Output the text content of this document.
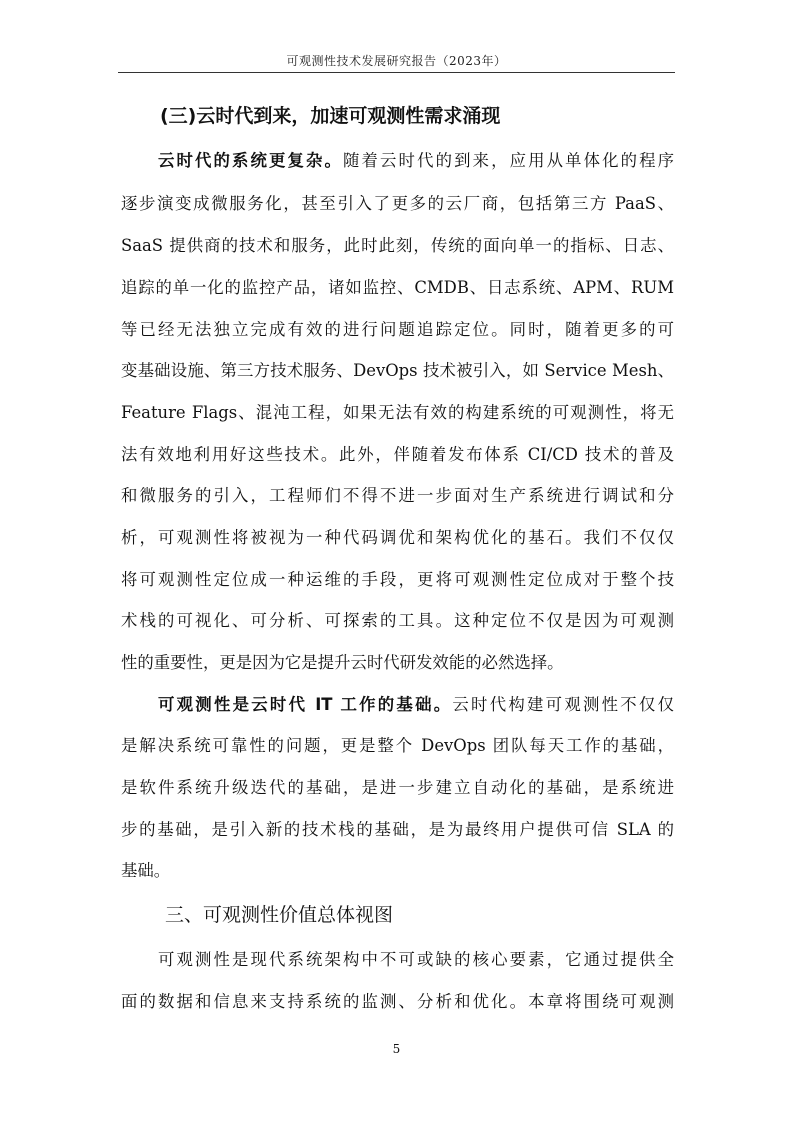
可观测性技术发展研究报告（2023年）
(三)云时代到来，加速可观测性需求涌现
云时代的系统更复杂。随着云时代的到来，应用从单体化的程序
逐步演变成微服务化，甚至引入了更多的云厂商，包括第三方 PaaS、
SaaS 提供商的技术和服务，此时此刻，传统的面向单一的指标、日志、
追踪的单一化的监控产品，诸如监控、CMDB、日志系统、APM、RUM
等已经无法独立完成有效的进行问题追踪定位。同时，随着更多的可
变基础设施、第三方技术服务、DevOps 技术被引入，如 Service Mesh、
Feature Flags、混沌工程，如果无法有效的构建系统的可观测性，将无
法有效地利用好这些技术。此外，伴随着发布体系 CI/CD 技术的普及
和微服务的引入，工程师们不得不进一步面对生产系统进行调试和分
析，可观测性将被视为一种代码调优和架构优化的基石。我们不仅仅
将可观测性定位成一种运维的手段，更将可观测性定位成对于整个技
术栈的可视化、可分析、可探索的工具。这种定位不仅是因为可观测
性的重要性，更是因为它是提升云时代研发效能的必然选择。
可观测性是云时代 IT 工作的基础。云时代构建可观测性不仅仅
是解决系统可靠性的问题，更是整个 DevOps 团队每天工作的基础，
是软件系统升级迭代的基础，是进一步建立自动化的基础，是系统进
步的基础，是引入新的技术栈的基础，是为最终用户提供可信 SLA 的
基础。
三、可观测性价值总体视图
可观测性是现代系统架构中不可或缺的核心要素，它通过提供全
面的数据和信息来支持系统的监测、分析和优化。本章将围绕可观测
5
